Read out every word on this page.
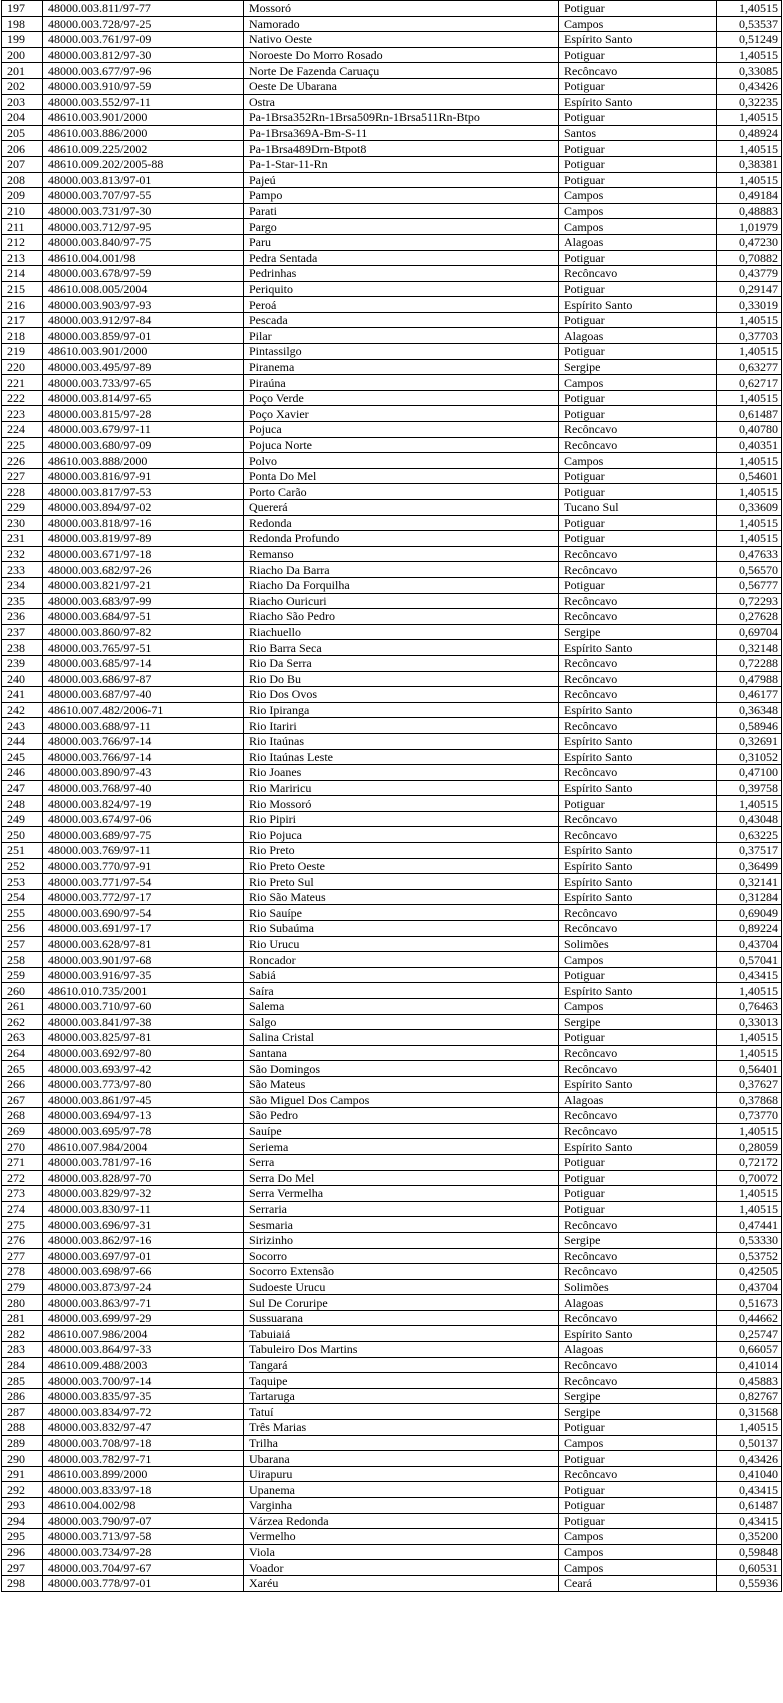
197	48000.003.811/97-77	Mossoró	Potiguar	1,40515
198	48000.003.728/97-25	Namorado	Campos	0,53537
199	48000.003.761/97-09	Nativo Oeste	Espírito Santo	0,51249
200	48000.003.812/97-30	Noroeste Do Morro Rosado	Potiguar	1,40515
201	48000.003.677/97-96	Norte De Fazenda Caruaçu	Recôncavo	0,33085
202	48000.003.910/97-59	Oeste De Ubarana	Potiguar	0,43426
203	48000.003.552/97-11	Ostra	Espírito Santo	0,32235
204	48610.003.901/2000	Pa-1Brsa352Rn-1Brsa509Rn-1Brsa511Rn-Btpo	Potiguar	1,40515
205	48610.003.886/2000	Pa-1Brsa369A-Bm-S-11	Santos	0,48924
206	48610.009.225/2002	Pa-1Brsa489Drn-Btpot8	Potiguar	1,40515
207	48610.009.202/2005-88	Pa-1-Star-11-Rn	Potiguar	0,38381
208	48000.003.813/97-01	Pajeú	Potiguar	1,40515
209	48000.003.707/97-55	Pampo	Campos	0,49184
210	48000.003.731/97-30	Parati	Campos	0,48883
211	48000.003.712/97-95	Pargo	Campos	1,01979
212	48000.003.840/97-75	Paru	Alagoas	0,47230
213	48610.004.001/98	Pedra Sentada	Potiguar	0,70882
214	48000.003.678/97-59	Pedrinhas	Recôncavo	0,43779
215	48610.008.005/2004	Periquito	Potiguar	0,29147
216	48000.003.903/97-93	Peroá	Espírito Santo	0,33019
217	48000.003.912/97-84	Pescada	Potiguar	1,40515
218	48000.003.859/97-01	Pilar	Alagoas	0,37703
219	48610.003.901/2000	Pintassilgo	Potiguar	1,40515
220	48000.003.495/97-89	Piranema	Sergipe	0,63277
221	48000.003.733/97-65	Piraúna	Campos	0,62717
222	48000.003.814/97-65	Poço Verde	Potiguar	1,40515
223	48000.003.815/97-28	Poço Xavier	Potiguar	0,61487
224	48000.003.679/97-11	Pojuca	Recôncavo	0,40780
225	48000.003.680/97-09	Pojuca Norte	Recôncavo	0,40351
226	48610.003.888/2000	Polvo	Campos	1,40515
227	48000.003.816/97-91	Ponta Do Mel	Potiguar	0,54601
228	48000.003.817/97-53	Porto Carão	Potiguar	1,40515
229	48000.003.894/97-02	Quererá	Tucano Sul	0,33609
230	48000.003.818/97-16	Redonda	Potiguar	1,40515
231	48000.003.819/97-89	Redonda Profundo	Potiguar	1,40515
232	48000.003.671/97-18	Remanso	Recôncavo	0,47633
233	48000.003.682/97-26	Riacho Da Barra	Recôncavo	0,56570
234	48000.003.821/97-21	Riacho Da Forquilha	Potiguar	0,56777
235	48000.003.683/97-99	Riacho Ouricuri	Recôncavo	0,72293
236	48000.003.684/97-51	Riacho São Pedro	Recôncavo	0,27628
237	48000.003.860/97-82	Riachuello	Sergipe	0,69704
238	48000.003.765/97-51	Rio Barra Seca	Espírito Santo	0,32148
239	48000.003.685/97-14	Rio Da Serra	Recôncavo	0,72288
240	48000.003.686/97-87	Rio Do Bu	Recôncavo	0,47988
241	48000.003.687/97-40	Rio Dos Ovos	Recôncavo	0,46177
242	48610.007.482/2006-71	Rio Ipiranga	Espírito Santo	0,36348
243	48000.003.688/97-11	Rio Itariri	Recôncavo	0,58946
244	48000.003.766/97-14	Rio Itaúnas	Espírito Santo	0,32691
245	48000.003.766/97-14	Rio Itaúnas Leste	Espírito Santo	0,31052
246	48000.003.890/97-43	Rio Joanes	Recôncavo	0,47100
247	48000.003.768/97-40	Rio Mariricu	Espírito Santo	0,39758
248	48000.003.824/97-19	Rio Mossoró	Potiguar	1,40515
249	48000.003.674/97-06	Rio Pipiri	Recôncavo	0,43048
250	48000.003.689/97-75	Rio Pojuca	Recôncavo	0,63225
251	48000.003.769/97-11	Rio Preto	Espírito Santo	0,37517
252	48000.003.770/97-91	Rio Preto Oeste	Espírito Santo	0,36499
253	48000.003.771/97-54	Rio Preto Sul	Espírito Santo	0,32141
254	48000.003.772/97-17	Rio São Mateus	Espírito Santo	0,31284
255	48000.003.690/97-54	Rio Sauípe	Recôncavo	0,69049
256	48000.003.691/97-17	Rio Subaúma	Recôncavo	0,89224
257	48000.003.628/97-81	Rio Urucu	Solimões	0,43704
258	48000.003.901/97-68	Roncador	Campos	0,57041
259	48000.003.916/97-35	Sabiá	Potiguar	0,43415
260	48610.010.735/2001	Saíra	Espírito Santo	1,40515
261	48000.003.710/97-60	Salema	Campos	0,76463
262	48000.003.841/97-38	Salgo	Sergipe	0,33013
263	48000.003.825/97-81	Salina Cristal	Potiguar	1,40515
264	48000.003.692/97-80	Santana	Recôncavo	1,40515
265	48000.003.693/97-42	São Domingos	Recôncavo	0,56401
266	48000.003.773/97-80	São Mateus	Espírito Santo	0,37627
267	48000.003.861/97-45	São Miguel Dos Campos	Alagoas	0,37868
268	48000.003.694/97-13	São Pedro	Recôncavo	0,73770
269	48000.003.695/97-78	Sauípe	Recôncavo	1,40515
270	48610.007.984/2004	Seriema	Espírito Santo	0,28059
271	48000.003.781/97-16	Serra	Potiguar	0,72172
272	48000.003.828/97-70	Serra Do Mel	Potiguar	0,70072
273	48000.003.829/97-32	Serra Vermelha	Potiguar	1,40515
274	48000.003.830/97-11	Serraria	Potiguar	1,40515
275	48000.003.696/97-31	Sesmaria	Recôncavo	0,47441
276	48000.003.862/97-16	Sirizinho	Sergipe	0,53330
277	48000.003.697/97-01	Socorro	Recôncavo	0,53752
278	48000.003.698/97-66	Socorro Extensão	Recôncavo	0,42505
279	48000.003.873/97-24	Sudoeste Urucu	Solimões	0,43704
280	48000.003.863/97-71	Sul De Coruripe	Alagoas	0,51673
281	48000.003.699/97-29	Sussuarana	Recôncavo	0,44662
282	48610.007.986/2004	Tabuiaiá	Espírito Santo	0,25747
283	48000.003.864/97-33	Tabuleiro Dos Martins	Alagoas	0,66057
284	48610.009.488/2003	Tangará	Recôncavo	0,41014
285	48000.003.700/97-14	Taquipe	Recôncavo	0,45883
286	48000.003.835/97-35	Tartaruga	Sergipe	0,82767
287	48000.003.834/97-72	Tatuí	Sergipe	0,31568
288	48000.003.832/97-47	Três Marias	Potiguar	1,40515
289	48000.003.708/97-18	Trilha	Campos	0,50137
290	48000.003.782/97-71	Ubarana	Potiguar	0,43426
291	48610.003.899/2000	Uirapuru	Recôncavo	0,41040
292	48000.003.833/97-18	Upanema	Potiguar	0,43415
293	48610.004.002/98	Varginha	Potiguar	0,61487
294	48000.003.790/97-07	Várzea Redonda	Potiguar	0,43415
295	48000.003.713/97-58	Vermelho	Campos	0,35200
296	48000.003.734/97-28	Viola	Campos	0,59848
297	48000.003.704/97-67	Voador	Campos	0,60531
298	48000.003.778/97-01	Xaréu	Ceará	0,55936
